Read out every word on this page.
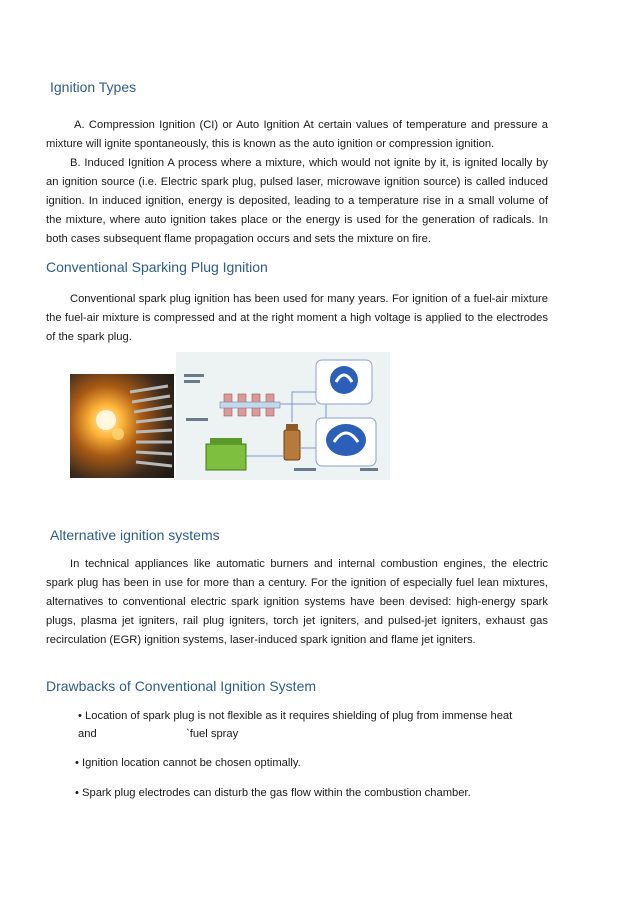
Ignition Types

A. Compression Ignition (CI) or Auto Ignition At certain values of temperature and pressure a mixture will ignite spontaneously, this is known as the auto ignition or compression ignition.

B. Induced Ignition A process where a mixture, which would not ignite by it, is ignited locally by an ignition source (i.e. Electric spark plug, pulsed laser, microwave ignition source) is called induced ignition. In induced ignition, energy is deposited, leading to a temperature rise in a small volume of the mixture, where auto ignition takes place or the energy is used for the generation of radicals. In both cases subsequent flame propagation occurs and sets the mixture on fire.

Conventional Sparking Plug Ignition

Conventional spark plug ignition has been used for many years. For ignition of a fuel-air mixture the fuel-air mixture is compressed and at the right moment a high voltage is applied to the electrodes of the spark plug.

Alternative ignition systems

In technical appliances like automatic burners and internal combustion engines, the electric spark plug has been in use for more than a century. For the ignition of especially fuel lean mixtures, alternatives to conventional electric spark ignition systems have been devised: high-energy spark plugs, plasma jet igniters, rail plug igniters, torch jet igniters, and pulsed-jet igniters, exhaust gas recirculation (EGR) ignition systems, laser-induced spark ignition and flame jet igniters.

Drawbacks of Conventional Ignition System

• Location of spark plug is not flexible as it requires shielding of plug from immense heat

and	`fuel spray

• Ignition location cannot be chosen optimally.

• Spark plug electrodes can disturb the gas flow within the combustion chamber.
